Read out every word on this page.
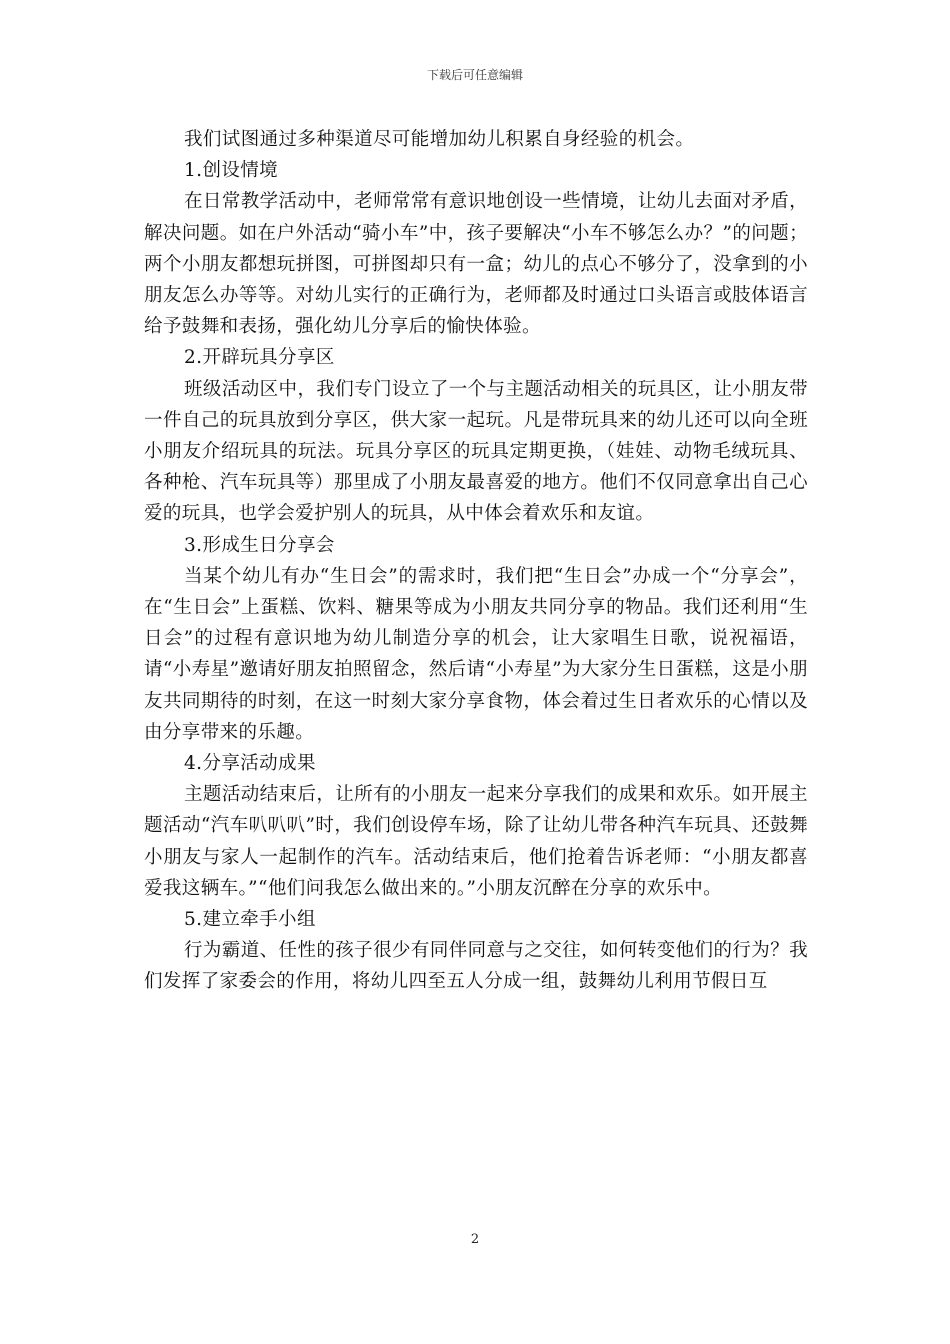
下载后可任意编辑

我们试图通过多种渠道尽可能增加幼儿积累自身经验的机会。

1.创设情境

在日常教学活动中，老师常常有意识地创设一些情境，让幼儿去面对矛盾，解决问题。如在户外活动“骑小车”中，孩子要解决“小车不够怎么办？”的问题；两个小朋友都想玩拼图，可拼图却只有一盒；幼儿的点心不够分了，没拿到的小朋友怎么办等等。对幼儿实行的正确行为，老师都及时通过口头语言或肢体语言给予鼓舞和表扬，强化幼儿分享后的愉快体验。

2.开辟玩具分享区

班级活动区中，我们专门设立了一个与主题活动相关的玩具区，让小朋友带一件自己的玩具放到分享区，供大家一起玩。凡是带玩具来的幼儿还可以向全班小朋友介绍玩具的玩法。玩具分享区的玩具定期更换，（娃娃、动物毛绒玩具、各种枪、汽车玩具等）那里成了小朋友最喜爱的地方。他们不仅同意拿出自己心爱的玩具，也学会爱护别人的玩具，从中体会着欢乐和友谊。

3.形成生日分享会

当某个幼儿有办“生日会”的需求时，我们把“生日会”办成一个“分享会”，在“生日会”上蛋糕、饮料、糖果等成为小朋友共同分享的物品。我们还利用“生日会”的过程有意识地为幼儿制造分享的机会，让大家唱生日歌，说祝福语，请“小寿星”邀请好朋友拍照留念，然后请“小寿星”为大家分生日蛋糕，这是小朋友共同期待的时刻，在这一时刻大家分享食物，体会着过生日者欢乐的心情以及由分享带来的乐趣。

4.分享活动成果

主题活动结束后，让所有的小朋友一起来分享我们的成果和欢乐。如开展主题活动“汽车叭叭叭”时，我们创设停车场，除了让幼儿带各种汽车玩具、还鼓舞小朋友与家人一起制作的汽车。活动结束后，他们抢着告诉老师：“小朋友都喜爱我这辆车。”“他们问我怎么做出来的。”小朋友沉醉在分享的欢乐中。

5.建立牵手小组

行为霸道、任性的孩子很少有同伴同意与之交往，如何转变他们的行为？我们发挥了家委会的作用，将幼儿四至五人分成一组，鼓舞幼儿利用节假日互

2
